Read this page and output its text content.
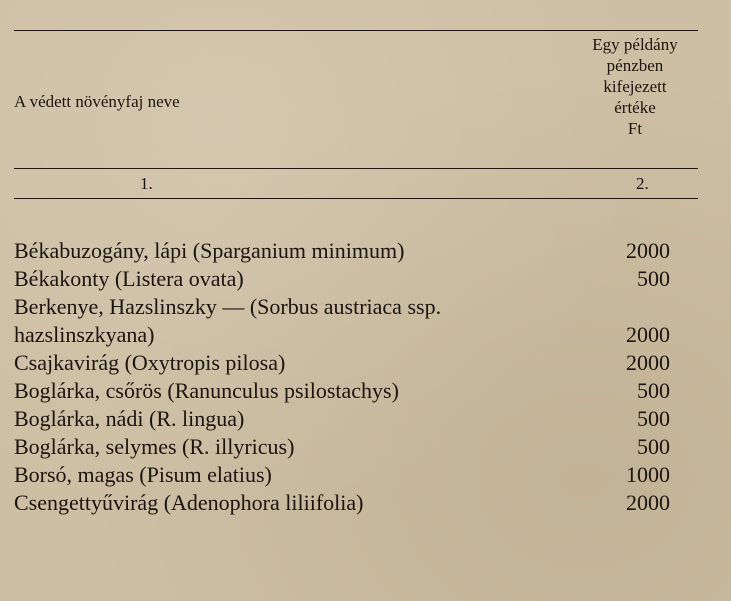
A védett növényfaj neve
Egy példány
pénzben
kifejezett
értéke
Ft
1.	2.
Békabuzogány, lápi (Sparganium minimum)	2000
Békakonty (Listera ovata)	500
Berkenye, Hazslinszky — (Sorbus austriaca ssp.
hazslinszkyana)	2000
Csajkavirág (Oxytropis pilosa)	2000
Boglárka, csőrös (Ranunculus psilostachys)	500
Boglárka, nádi (R. lingua)	500
Boglárka, selymes (R. illyricus)	500
Borsó, magas (Pisum elatius)	1000
Csengettyűvirág (Adenophora liliifolia)	2000
